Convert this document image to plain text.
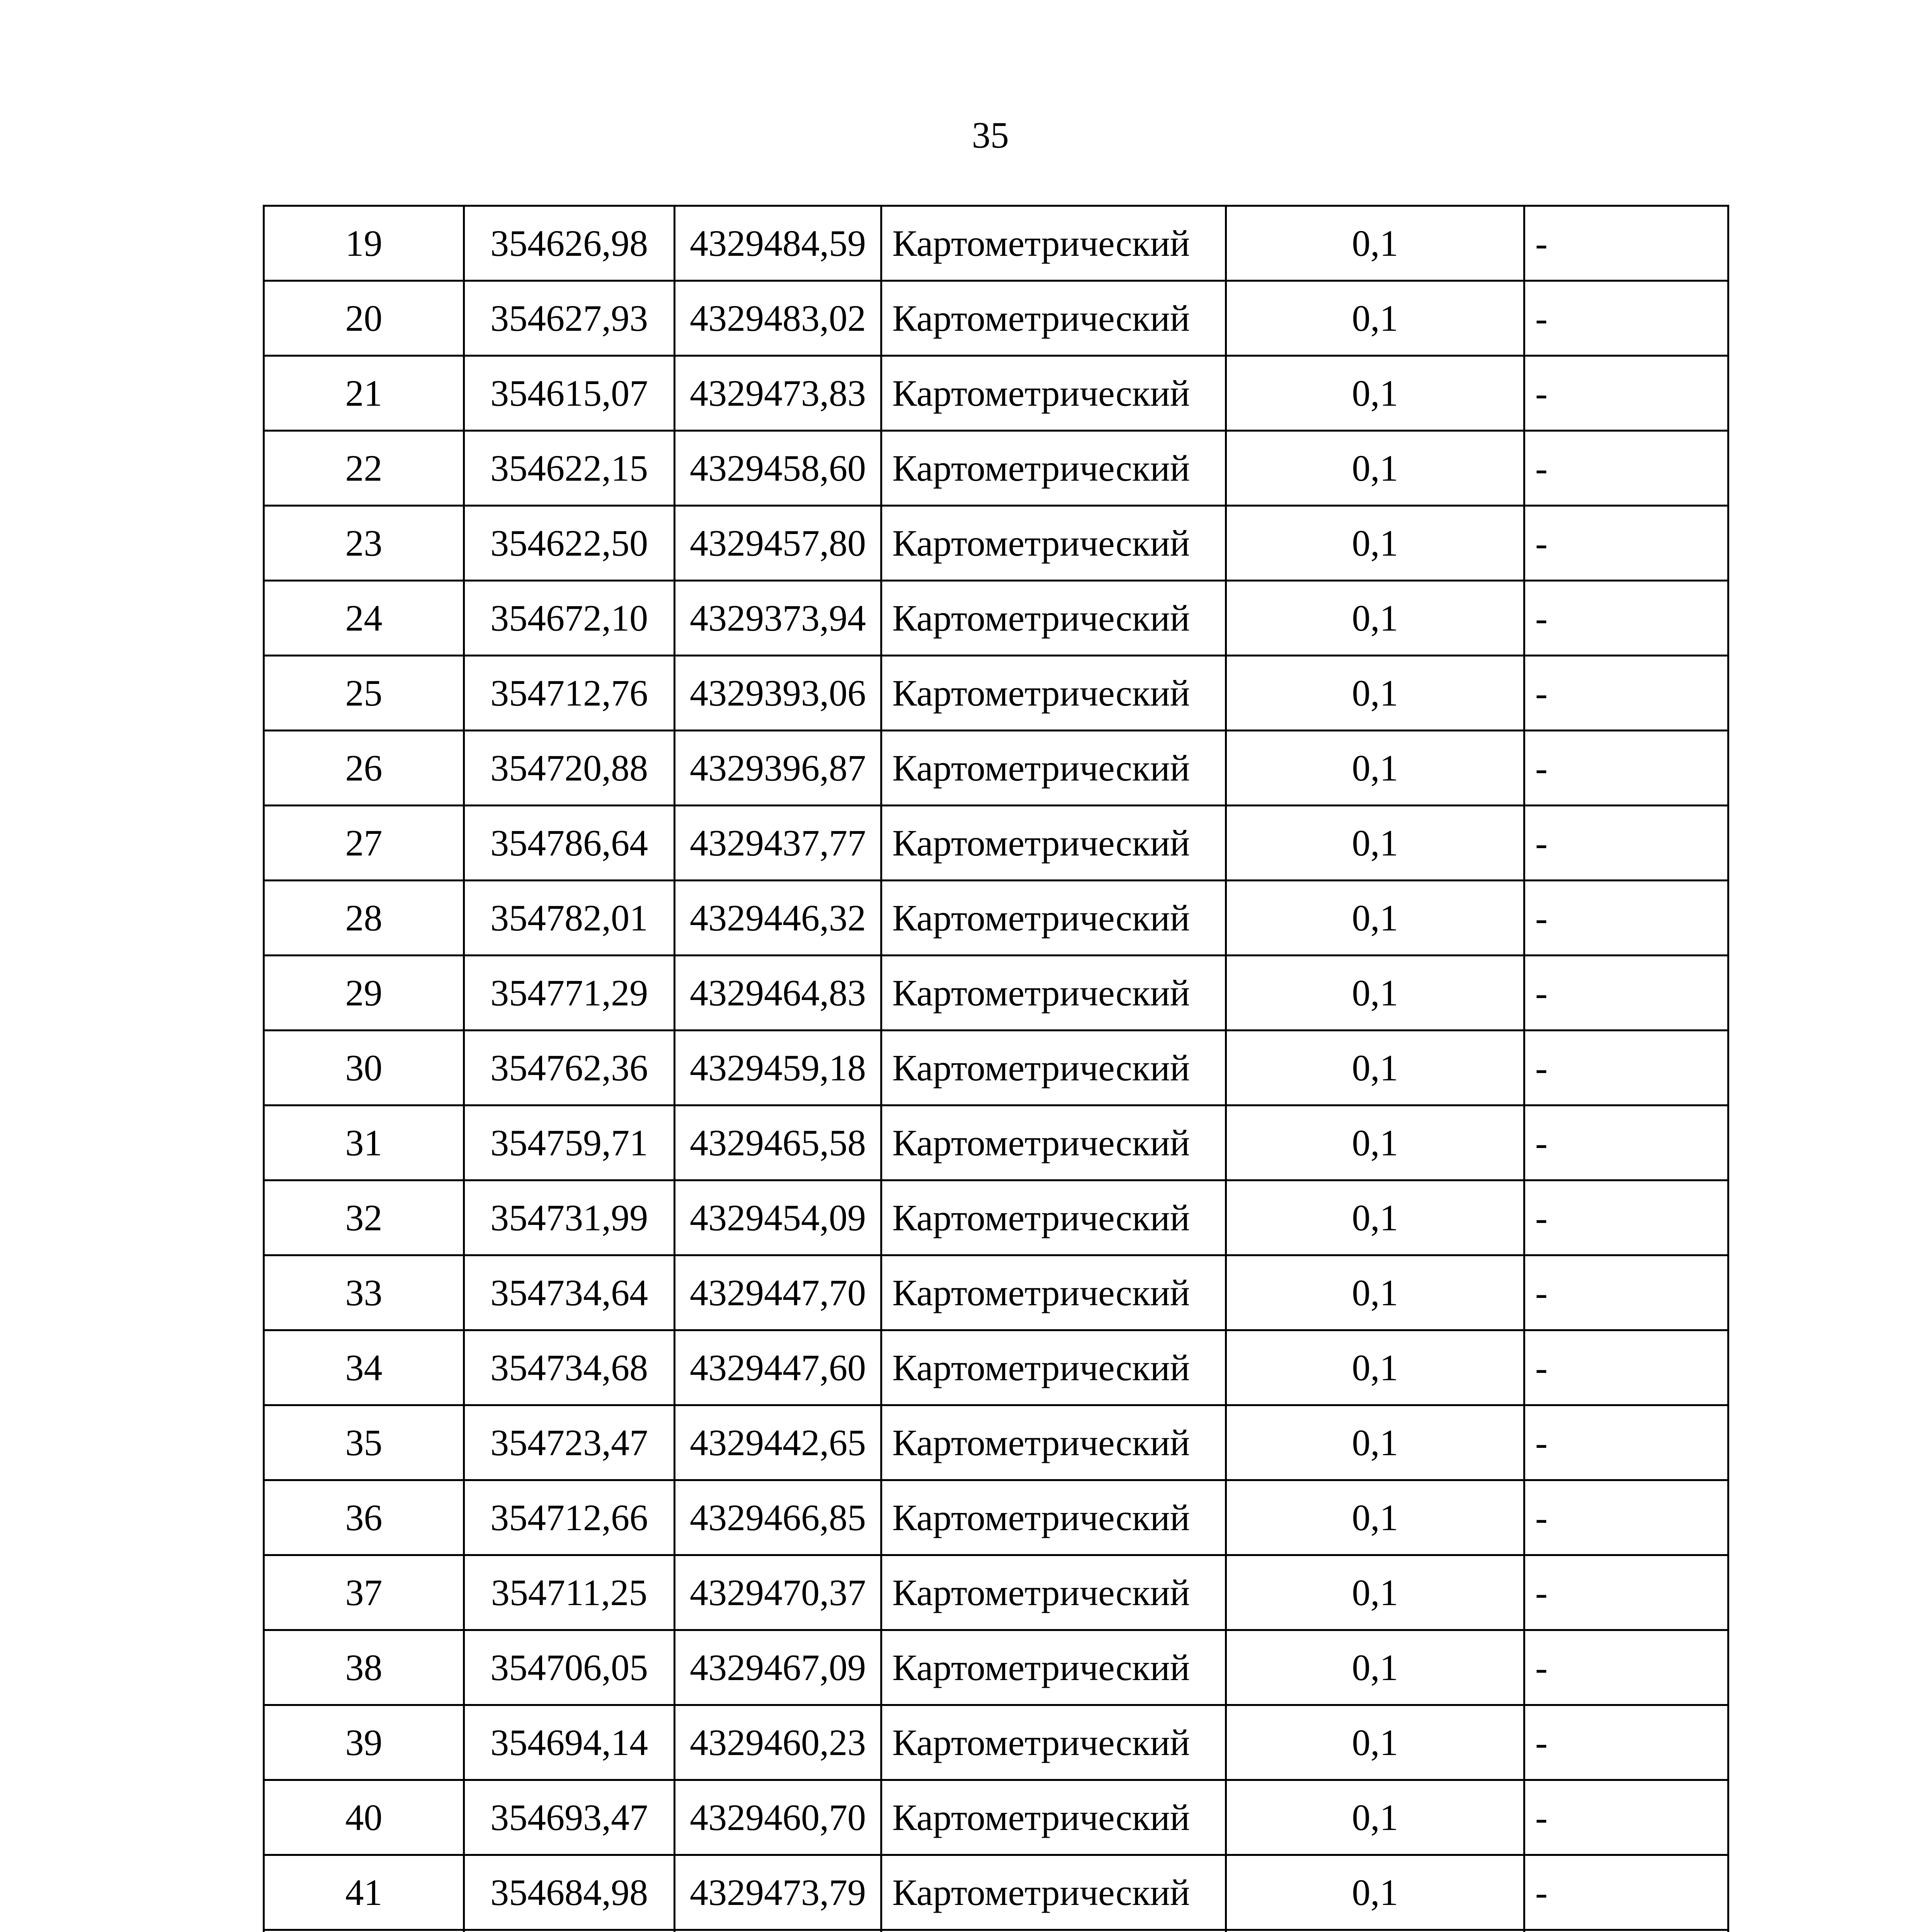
35
19	354626,98	4329484,59	Картометрический	0,1	-
20	354627,93	4329483,02	Картометрический	0,1	-
21	354615,07	4329473,83	Картометрический	0,1	-
22	354622,15	4329458,60	Картометрический	0,1	-
23	354622,50	4329457,80	Картометрический	0,1	-
24	354672,10	4329373,94	Картометрический	0,1	-
25	354712,76	4329393,06	Картометрический	0,1	-
26	354720,88	4329396,87	Картометрический	0,1	-
27	354786,64	4329437,77	Картометрический	0,1	-
28	354782,01	4329446,32	Картометрический	0,1	-
29	354771,29	4329464,83	Картометрический	0,1	-
30	354762,36	4329459,18	Картометрический	0,1	-
31	354759,71	4329465,58	Картометрический	0,1	-
32	354731,99	4329454,09	Картометрический	0,1	-
33	354734,64	4329447,70	Картометрический	0,1	-
34	354734,68	4329447,60	Картометрический	0,1	-
35	354723,47	4329442,65	Картометрический	0,1	-
36	354712,66	4329466,85	Картометрический	0,1	-
37	354711,25	4329470,37	Картометрический	0,1	-
38	354706,05	4329467,09	Картометрический	0,1	-
39	354694,14	4329460,23	Картометрический	0,1	-
40	354693,47	4329460,70	Картометрический	0,1	-
41	354684,98	4329473,79	Картометрический	0,1	-
